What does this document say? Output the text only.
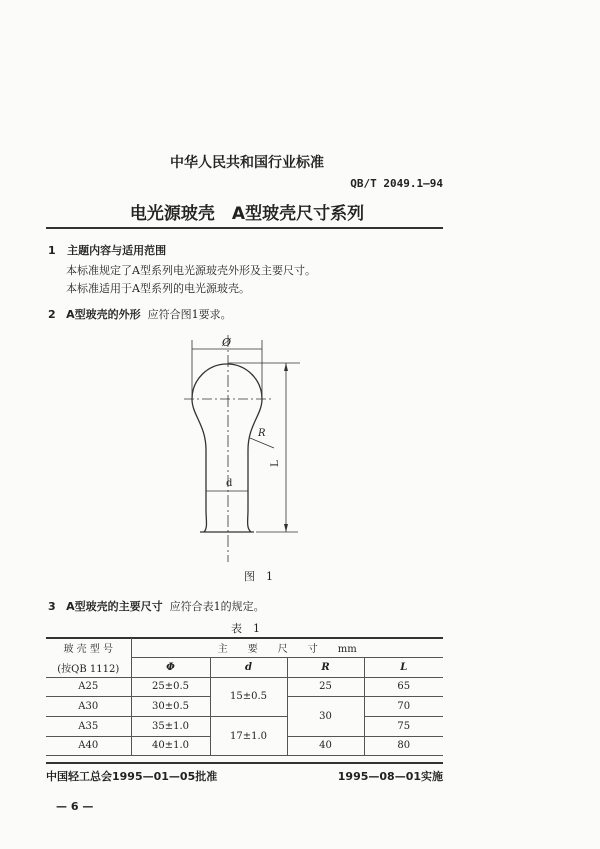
中华人民共和国行业标准
QB/T 2049.1—94
电光源玻壳　A型玻壳尺寸系列
1 主题内容与适用范围
本标准规定了A型系列电光源玻壳外形及主要尺寸。
本标准适用于A型系列的电光源玻壳。
2 A型玻壳的外形 应符合图1要求。
Ø
R
L
d
图　1
3 A型玻壳的主要尺寸 应符合表1的规定。
表　1
玻 壳 型 号	主　　要　　尺　　寸　　mm			
(按QB 1112)	Φ	d	R	L
A25	25±0.5	15±0.5	25	65
A30	30±0.5		30	70
A35	35±1.0	17±1.0		75
A40	40±1.0		40	80

中国轻工总会1995—01—05批准	1995—08—01实施
— 6 —
